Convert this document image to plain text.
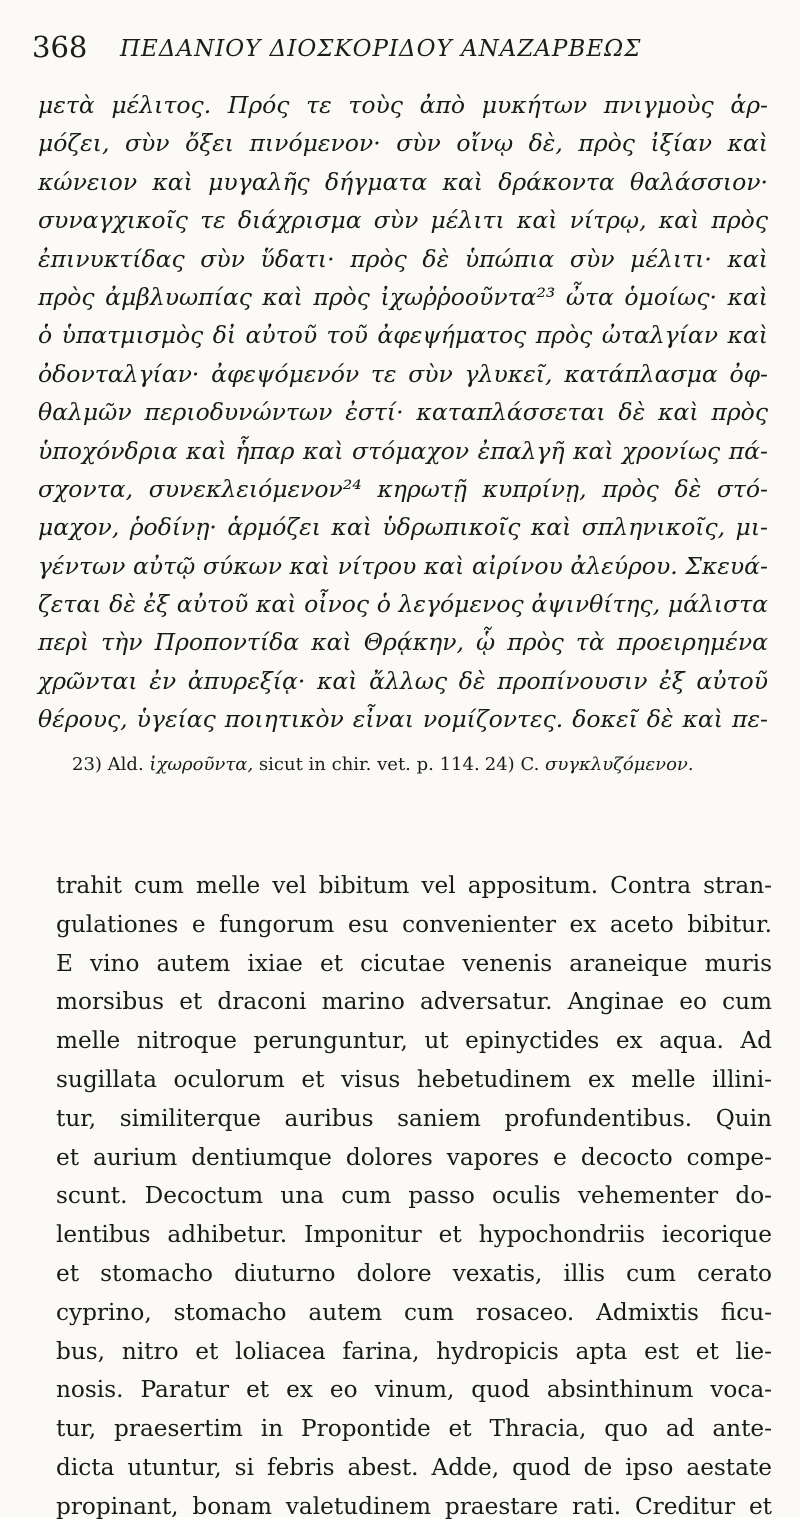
368 ΠΕΔΑΝΙΟΥ ΔΙΟΣΚΟΡΙΔΟΥ ΑΝΑΖΑΡΒΕΩΣ
μετὰ μέλιτος. Πρός τε τοὺς ἀπὸ μυκήτων πνιγμοὺς ἁρ-
μόζει, σὺν ὄξει πινόμενον· σὺν οἴνῳ δὲ, πρὸς ἰξίαν καὶ
κώνειον καὶ μυγαλῆς δήγματα καὶ δράκοντα θαλάσσιον·
συναγχικοῖς τε διάχρισμα σὺν μέλιτι καὶ νίτρῳ, καὶ πρὸς
ἐπινυκτίδας σὺν ὕδατι· πρὸς δὲ ὑπώπια σὺν μέλιτι· καὶ
πρὸς ἀμβλυωπίας καὶ πρὸς ἰχωῤῥοοῦντα²³ ὦτα ὁμοίως· καὶ
ὁ ὑπατμισμὸς δἰ αὐτοῦ τοῦ ἀφεψήματος πρὸς ὠταλγίαν καὶ
ὀδονταλγίαν· ἀφεψόμενόν τε σὺν γλυκεῖ, κατάπλασμα ὀφ-
θαλμῶν περιοδυνώντων ἐστί· καταπλάσσεται δὲ καὶ πρὸς
ὑποχόνδρια καὶ ἧπαρ καὶ στόμαχον ἐπαλγῆ καὶ χρονίως πά-
σχοντα, συνεκλειόμενον²⁴ κηρωτῇ κυπρίνῃ, πρὸς δὲ στό-
μαχον, ῥοδίνῃ· ἁρμόζει καὶ ὑδρωπικοῖς καὶ σπληνικοῖς, μι-
γέντων αὐτῷ σύκων καὶ νίτρου καὶ αἰρίνου ἀλεύρου. Σκευά-
ζεται δὲ ἐξ αὐτοῦ καὶ οἶνος ὁ λεγόμενος ἀψινθίτης, μάλιστα
περὶ τὴν Προποντίδα καὶ Θρᾴκην, ᾧ πρὸς τὰ προειρημένα
χρῶνται ἐν ἀπυρεξίᾳ· καὶ ἄλλως δὲ προπίνουσιν ἐξ αὐτοῦ
θέρους, ὑγείας ποιητικὸν εἶναι νομίζοντες. δοκεῖ δὲ καὶ πε-
23) Ald. ἰχωροῦντα, sicut in chir. vet. p. 114. 24) C. συγκλυζόμενον.
trahit cum melle vel bibitum vel appositum. Contra stran-
gulationes e fungorum esu convenienter ex aceto bibitur.
E vino autem ixiae et cicutae venenis araneique muris
morsibus et draconi marino adversatur. Anginae eo cum
melle nitroque perunguntur, ut epinyctides ex aqua. Ad
sugillata oculorum et visus hebetudinem ex melle illini-
tur, similiterque auribus saniem profundentibus. Quin
et aurium dentiumque dolores vapores e decocto compe-
scunt. Decoctum una cum passo oculis vehementer do-
lentibus adhibetur. Imponitur et hypochondriis iecorique
et stomacho diuturno dolore vexatis, illis cum cerato
cyprino, stomacho autem cum rosaceo. Admixtis ficu-
bus, nitro et loliacea farina, hydropicis apta est et lie-
nosis. Paratur et ex eo vinum, quod absinthinum voca-
tur, praesertim in Propontide et Thracia, quo ad ante-
dicta utuntur, si febris abest. Adde, quod de ipso aestate
propinant, bonam valetudinem praestare rati. Creditur et
